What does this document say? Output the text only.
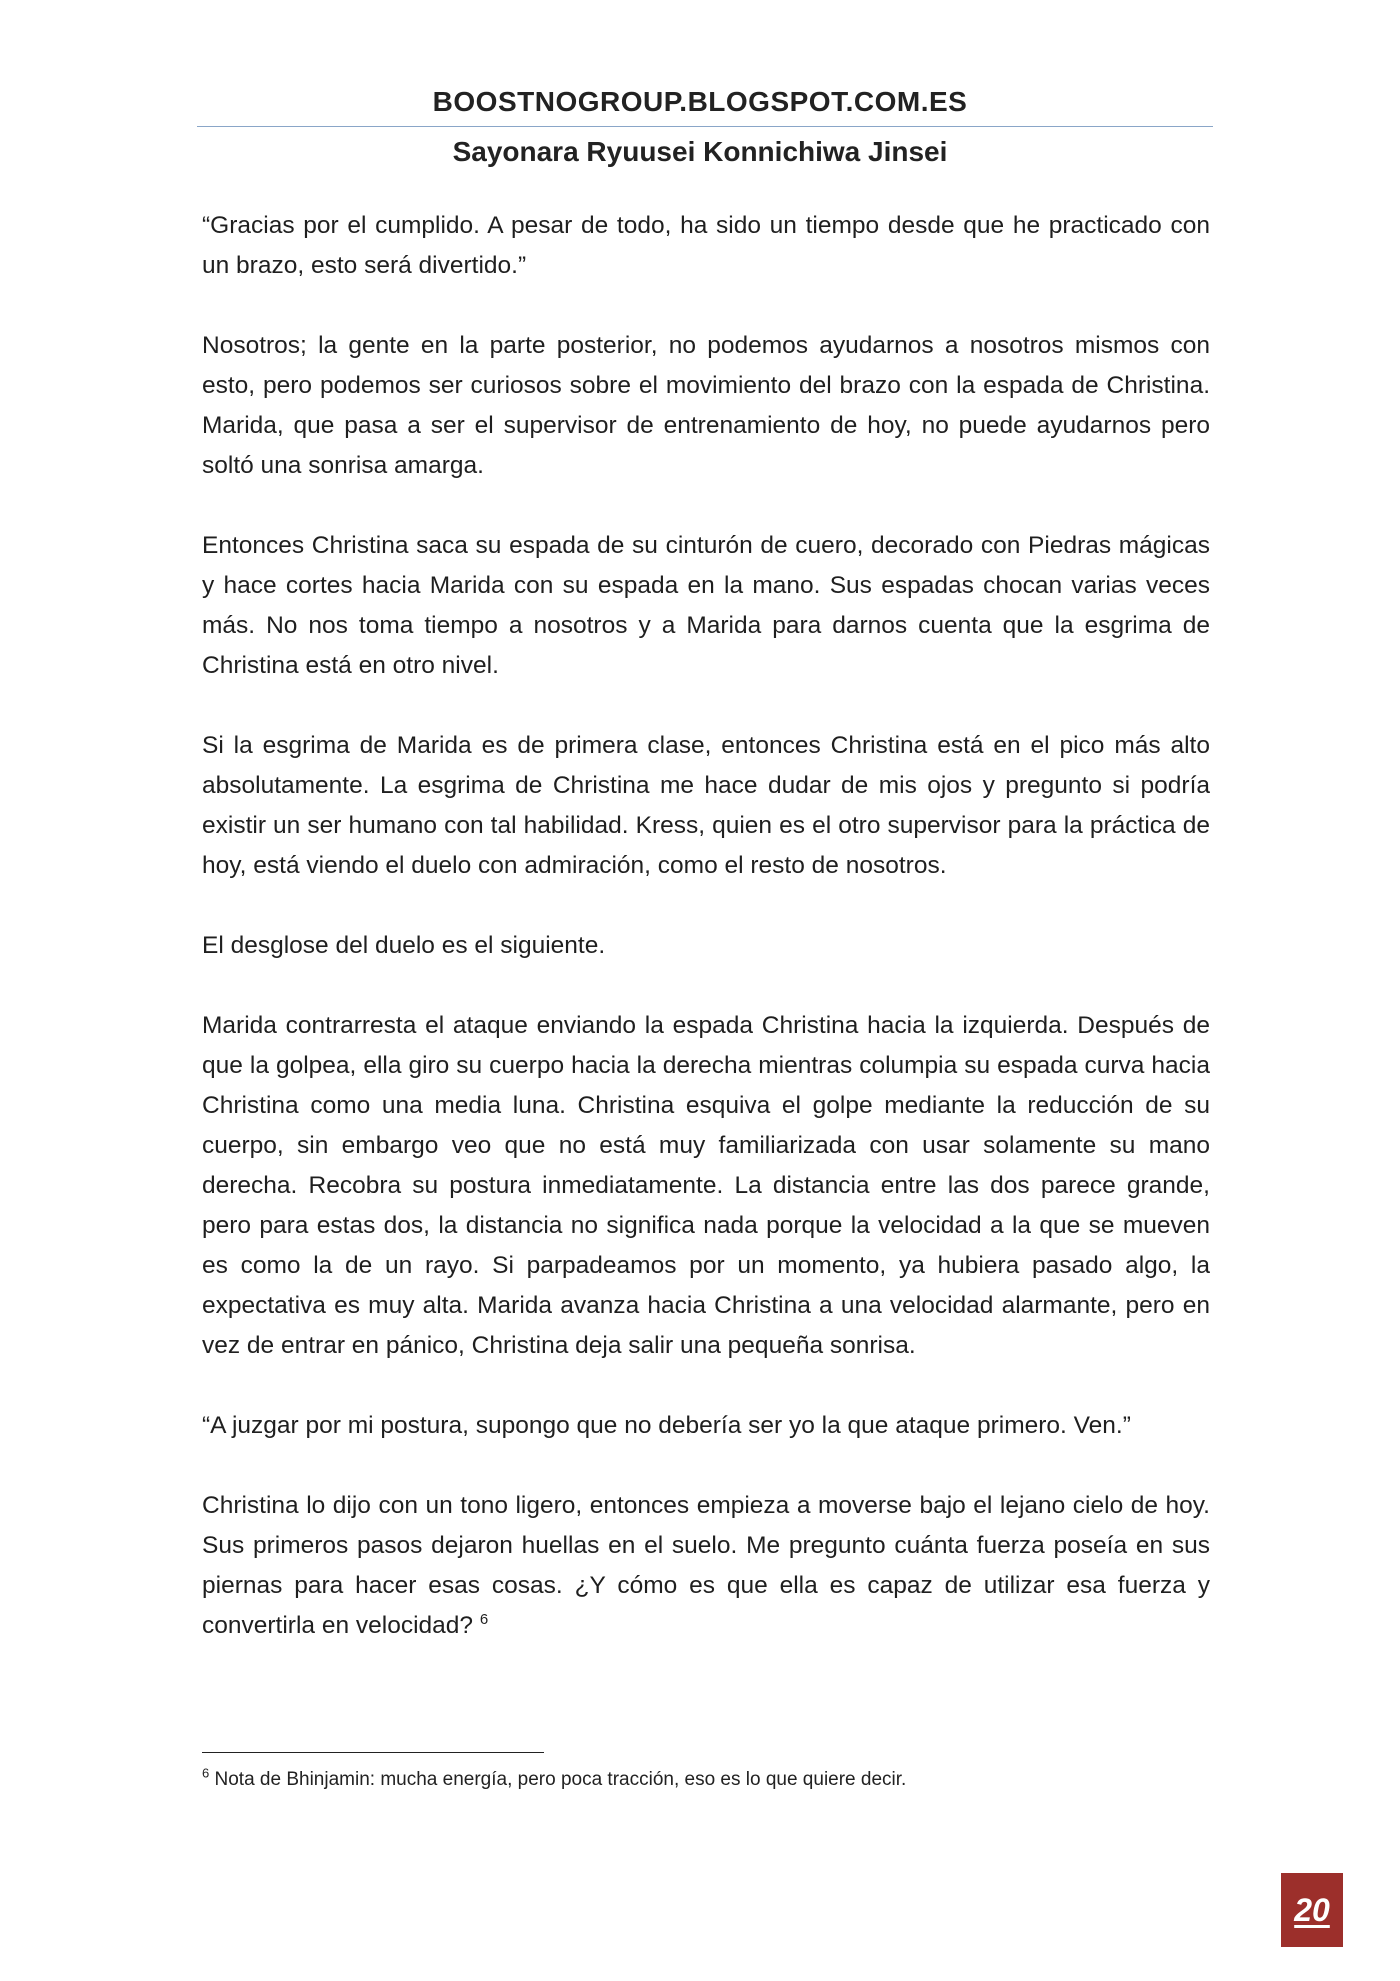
BOOSTNOGROUP.BLOGSPOT.COM.ES
Sayonara Ryuusei Konnichiwa Jinsei

“Gracias por el cumplido. A pesar de todo, ha sido un tiempo desde que he practicado con un brazo, esto será divertido.”

Nosotros; la gente en la parte posterior, no podemos ayudarnos a nosotros mismos con esto, pero podemos ser curiosos sobre el movimiento del brazo con la espada de Christina. Marida, que pasa a ser el supervisor de entrenamiento de hoy, no puede ayudarnos pero soltó una sonrisa amarga.

Entonces Christina saca su espada de su cinturón de cuero, decorado con Piedras mágicas y hace cortes hacia Marida con su espada en la mano. Sus espadas chocan varias veces más. No nos toma tiempo a nosotros y a Marida para darnos cuenta que la esgrima de Christina está en otro nivel.

Si la esgrima de Marida es de primera clase, entonces Christina está en el pico más alto absolutamente. La esgrima de Christina me hace dudar de mis ojos y pregunto si podría existir un ser humano con tal habilidad. Kress, quien es el otro supervisor para la práctica de hoy, está viendo el duelo con admiración, como el resto de nosotros.

El desglose del duelo es el siguiente.

Marida contrarresta el ataque enviando la espada Christina hacia la izquierda. Después de que la golpea, ella giro su cuerpo hacia la derecha mientras columpia su espada curva hacia Christina como una media luna. Christina esquiva el golpe mediante la reducción de su cuerpo, sin embargo veo que no está muy familiarizada con usar solamente su mano derecha. Recobra su postura inmediatamente. La distancia entre las dos parece grande, pero para estas dos, la distancia no significa nada porque la velocidad a la que se mueven es como la de un rayo. Si parpadeamos por un momento, ya hubiera pasado algo, la expectativa es muy alta. Marida avanza hacia Christina a una velocidad alarmante, pero en vez de entrar en pánico, Christina deja salir una pequeña sonrisa.

“A juzgar por mi postura, supongo que no debería ser yo la que ataque primero. Ven.”

Christina lo dijo con un tono ligero, entonces empieza a moverse bajo el lejano cielo de hoy. Sus primeros pasos dejaron huellas en el suelo. Me pregunto cuánta fuerza poseía en sus piernas para hacer esas cosas. ¿Y cómo es que ella es capaz de utilizar esa fuerza y convertirla en velocidad? $^6$

$^6$ Nota de Bhinjamin: mucha energía, pero poca tracción, eso es lo que quiere decir.
20
